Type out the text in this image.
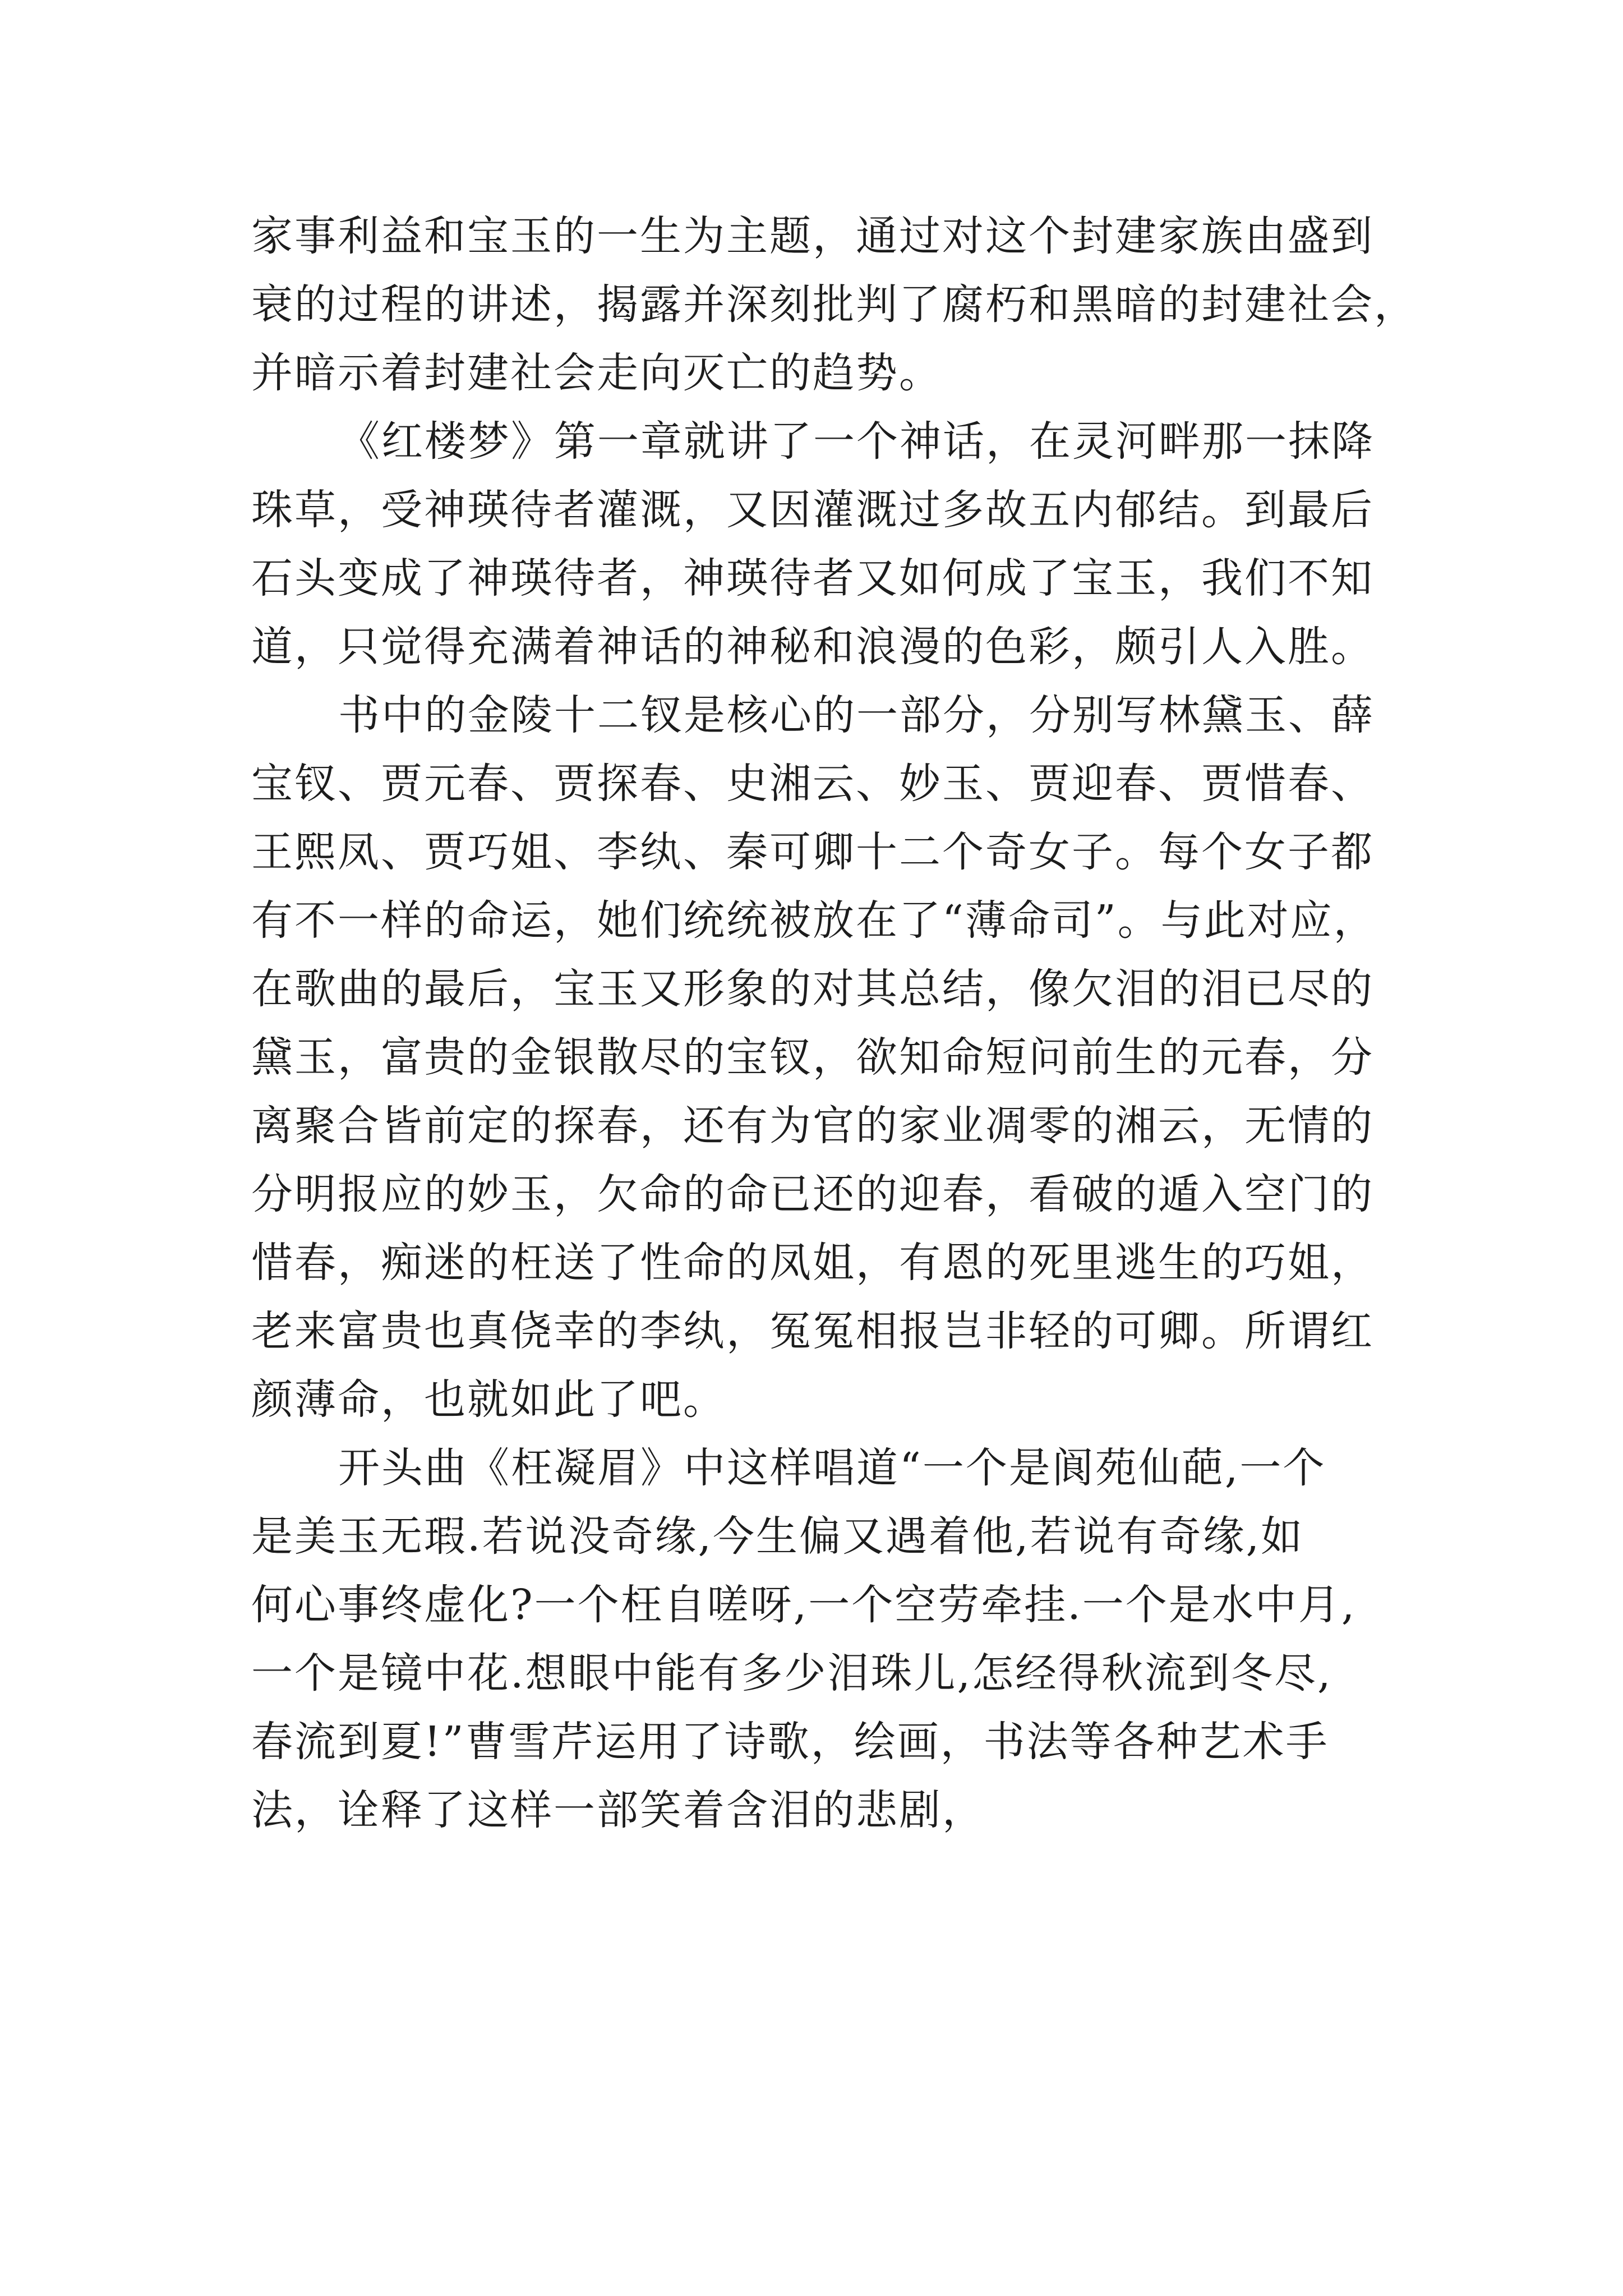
家事利益和宝玉的一生为主题，通过对这个封建家族由盛到
衰的过程的讲述，揭露并深刻批判了腐朽和黑暗的封建社会，
并暗示着封建社会走向灭亡的趋势。

《红楼梦》第一章就讲了一个神话，在灵河畔那一抹降
珠草，受神瑛待者灌溉，又因灌溉过多故五内郁结。到最后
石头变成了神瑛待者，神瑛待者又如何成了宝玉，我们不知
道，只觉得充满着神话的神秘和浪漫的色彩，颇引人入胜。

书中的金陵十二钗是核心的一部分，分别写林黛玉、薛
宝钗、贾元春、贾探春、史湘云、妙玉、贾迎春、贾惜春、
王熙凤、贾巧姐、李纨、秦可卿十二个奇女子。每个女子都
有不一样的命运，她们统统被放在了“薄命司”。与此对应，
在歌曲的最后，宝玉又形象的对其总结，像欠泪的泪已尽的
黛玉，富贵的金银散尽的宝钗，欲知命短问前生的元春，分
离聚合皆前定的探春，还有为官的家业凋零的湘云，无情的
分明报应的妙玉，欠命的命已还的迎春，看破的遁入空门的
惜春，痴迷的枉送了性命的凤姐，有恩的死里逃生的巧姐，
老来富贵也真侥幸的李纨，冤冤相报岂非轻的可卿。所谓红
颜薄命，也就如此了吧。

开头曲《枉凝眉》中这样唱道“一个是阆苑仙葩,一个
是美玉无瑕.若说没奇缘,今生偏又遇着他,若说有奇缘,如
何心事终虚化?一个枉自嗟呀,一个空劳牵挂.一个是水中月,
一个是镜中花.想眼中能有多少泪珠儿,怎经得秋流到冬尽,
春流到夏!”曹雪芹运用了诗歌，绘画，书法等各种艺术手
法，诠释了这样一部笑着含泪的悲剧，
